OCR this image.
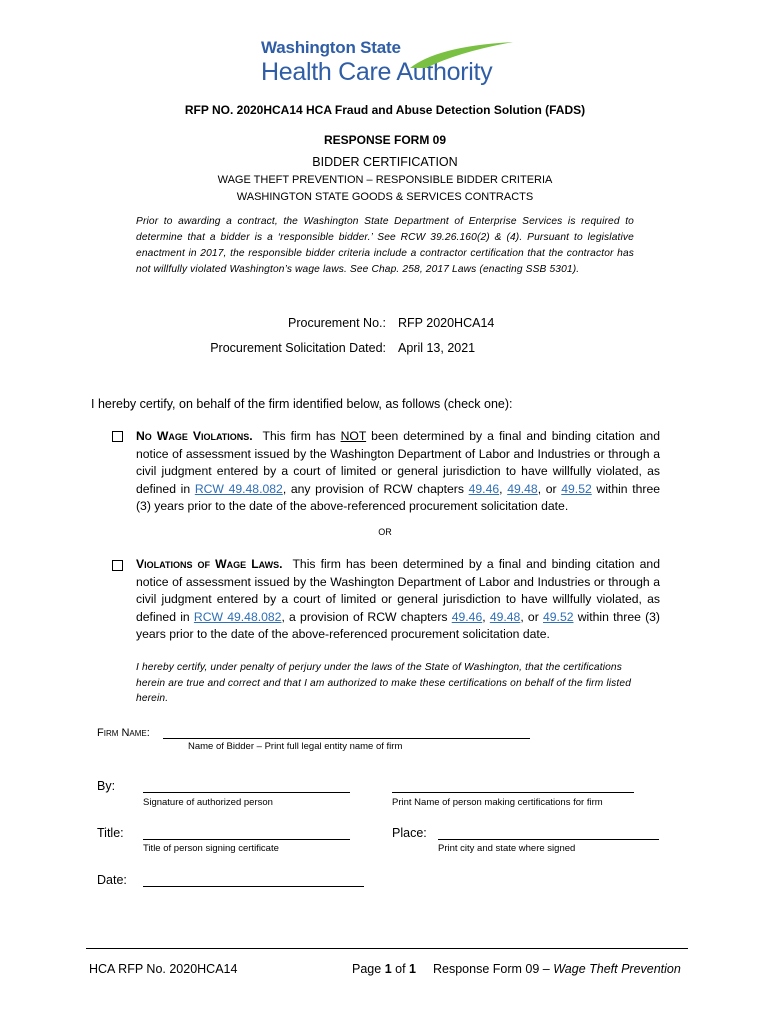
Washington State
Health Care Authority
RFP NO. 2020HCA14 HCA Fraud and Abuse Detection Solution (FADS)
RESPONSE FORM 09
BIDDER CERTIFICATION
WAGE THEFT PREVENTION – RESPONSIBLE BIDDER CRITERIA
WASHINGTON STATE GOODS & SERVICES CONTRACTS
Prior to awarding a contract, the Washington State Department of Enterprise Services is required to determine that a bidder is a ‘responsible bidder.’ See RCW 39.26.160(2) & (4). Pursuant to legislative enactment in 2017, the responsible bidder criteria include a contractor certification that the contractor has not willfully violated Washington’s wage laws. See Chap. 258, 2017 Laws (enacting SSB 5301).
Procurement No.: RFP 2020HCA14
Procurement Solicitation Dated: April 13, 2021
I hereby certify, on behalf of the firm identified below, as follows (check one):
No Wage Violations. This firm has NOT been determined by a final and binding citation and notice of assessment issued by the Washington Department of Labor and Industries or through a civil judgment entered by a court of limited or general jurisdiction to have willfully violated, as defined in RCW 49.48.082, any provision of RCW chapters 49.46, 49.48, or 49.52 within three (3) years prior to the date of the above-referenced procurement solicitation date.
OR
Violations of Wage Laws. This firm has been determined by a final and binding citation and notice of assessment issued by the Washington Department of Labor and Industries or through a civil judgment entered by a court of limited or general jurisdiction to have willfully violated, as defined in RCW 49.48.082, a provision of RCW chapters 49.46, 49.48, or 49.52 within three (3) years prior to the date of the above-referenced procurement solicitation date.
I hereby certify, under penalty of perjury under the laws of the State of Washington, that the certifications herein are true and correct and that I am authorized to make these certifications on behalf of the firm listed herein.
Firm Name:
Name of Bidder – Print full legal entity name of firm
By:
Signature of authorized person	Print Name of person making certifications for firm
Title:
Title of person signing certificate
Place:
Print city and state where signed
Date:
HCA RFP No. 2020HCA14	Page 1 of 1 Response Form 09 – Wage Theft Prevention
